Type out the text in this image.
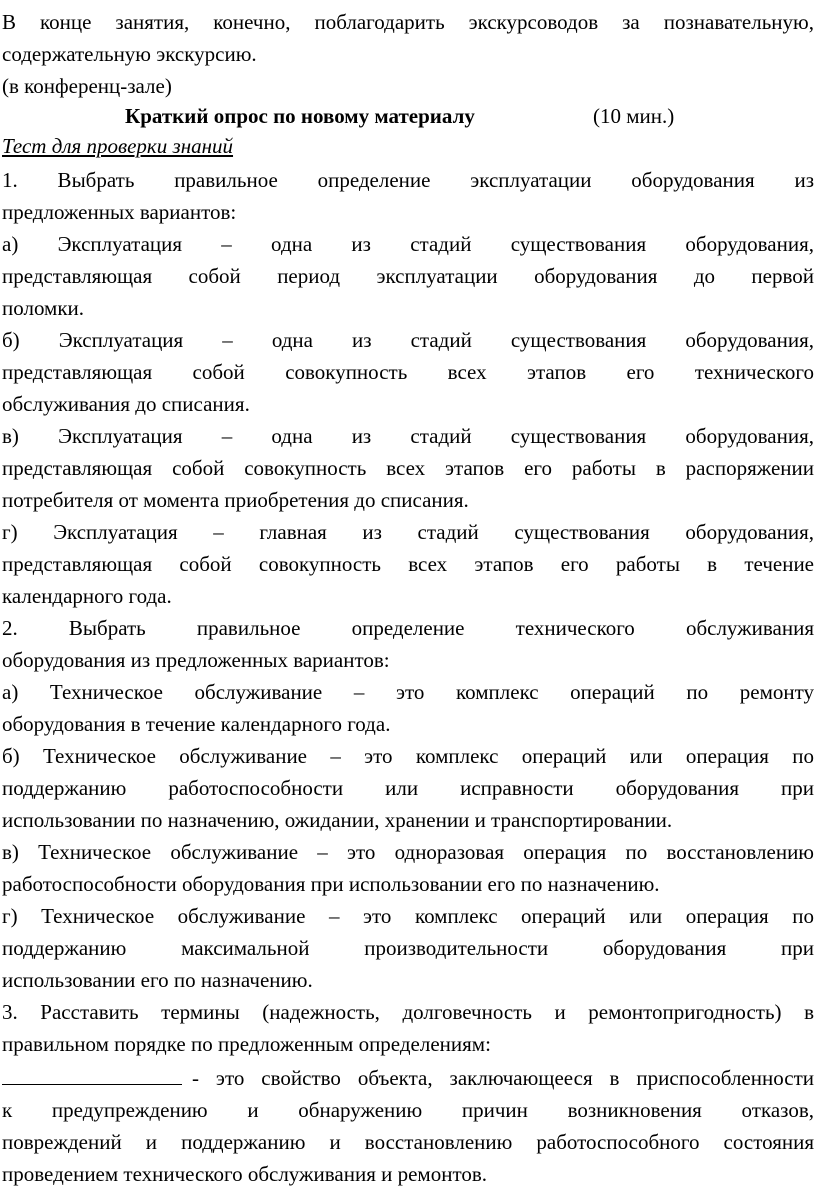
В конце занятия, конечно, поблагодарить экскурсоводов за познавательную,
содержательную экскурсию.
(в конференц-зале)
Краткий опрос по новому материалу	(10 мин.)
Тест для проверки знаний
1. Выбрать правильное определение эксплуатации оборудования из
предложенных вариантов:
а) Эксплуатация – одна из стадий существования оборудования,
представляющая собой период эксплуатации оборудования до первой
поломки.
б) Эксплуатация – одна из стадий существования оборудования,
представляющая собой совокупность всех этапов его технического
обслуживания до списания.
в) Эксплуатация – одна из стадий существования оборудования,
представляющая собой совокупность всех этапов его работы в распоряжении
потребителя от момента приобретения до списания.
г) Эксплуатация – главная из стадий существования оборудования,
представляющая собой совокупность всех этапов его работы в течение
календарного года.
2. Выбрать правильное определение технического обслуживания
оборудования из предложенных вариантов:
а) Техническое обслуживание – это комплекс операций по ремонту
оборудования в течение календарного года.
б) Техническое обслуживание – это комплекс операций или операция по
поддержанию работоспособности или исправности оборудования при
использовании по назначению, ожидании, хранении и транспортировании.
в) Техническое обслуживание – это одноразовая операция по восстановлению
работоспособности оборудования при использовании его по назначению.
г) Техническое обслуживание – это комплекс операций или операция по
поддержанию максимальной производительности оборудования при
использовании его по назначению.
3. Расставить термины (надежность, долговечность и ремонтопригодность) в
правильном порядке по предложенным определениям:
- это свойство объекта, заключающееся в приспособленности
к предупреждению и обнаружению причин возникновения отказов,
повреждений и поддержанию и восстановлению работоспособного состояния
проведением технического обслуживания и ремонтов.
